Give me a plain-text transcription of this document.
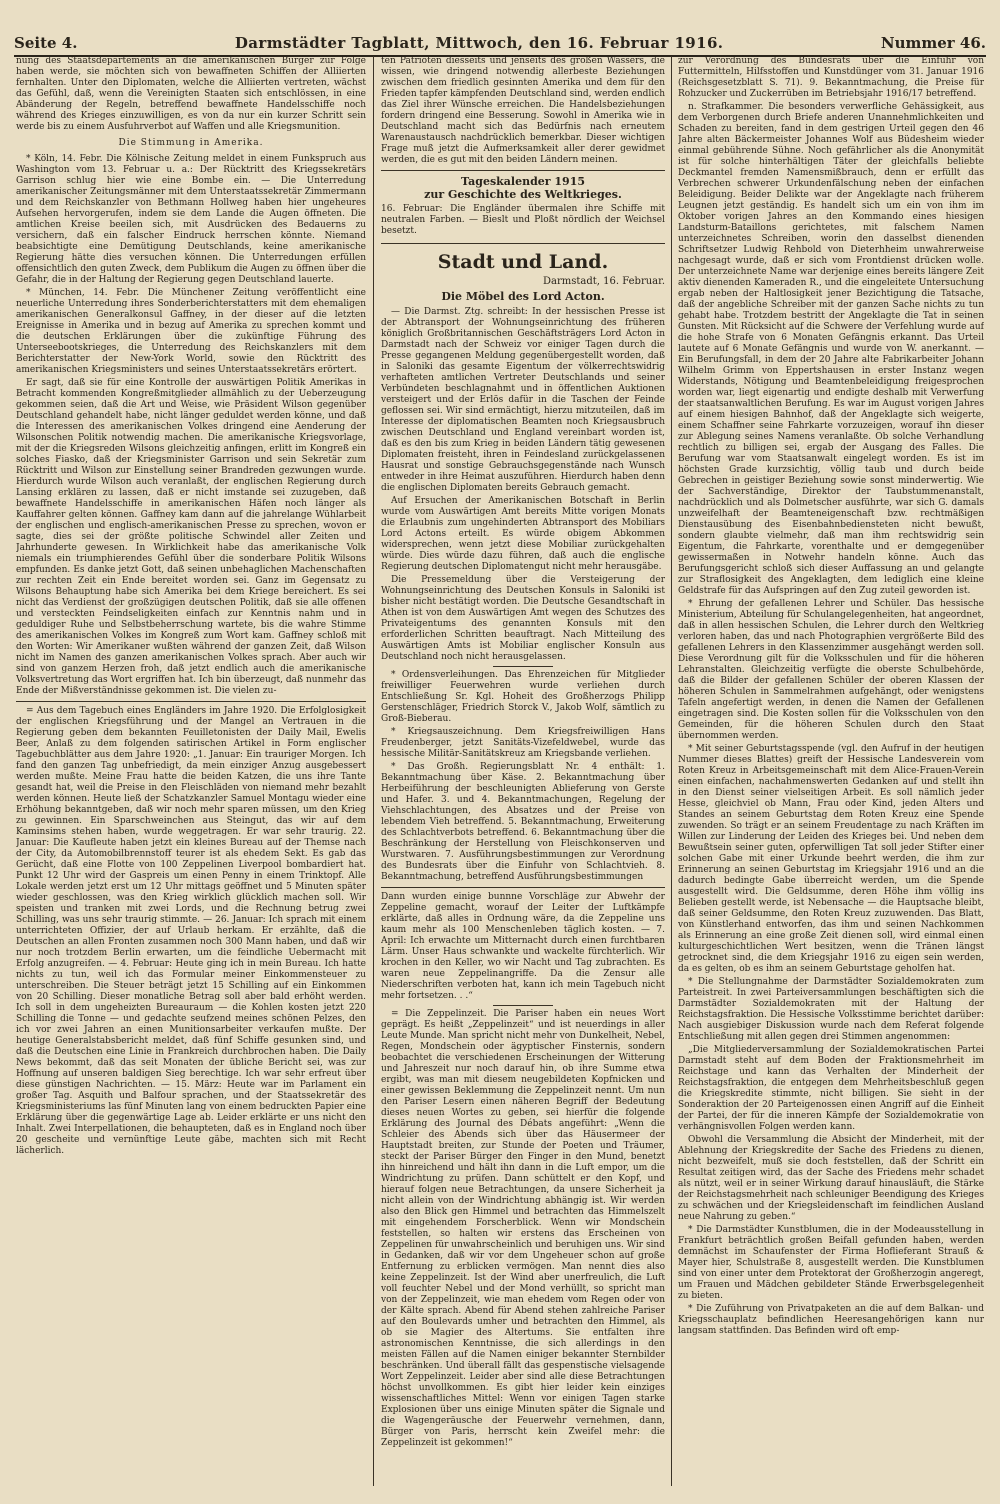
Seite 4.	Darmstädter Tagblatt, Mittwoch, den 16. Februar 1916.	Nummer 46.

nung des Staatsdepartements an die amerikanischen Bürger zur Folge haben werde, sie möchten sich von bewaffneten Schiffen der Alliierten fernhalten. Unter den Diplomaten, welche die Alliierten vertreten, wächst das Gefühl, daß, wenn die Vereinigten Staaten sich entschlössen, in eine Abänderung der Regeln, betreffend bewaffnete Handelsschiffe noch während des Krieges einzuwilligen, es von da nur ein kurzer Schritt sein werde bis zu einem Ausfuhrverbot auf Waffen und alle Kriegsmunition.

Die Stimmung in Amerika.

* Köln, 14. Febr. Die Kölnische Zeitung meldet in einem Funkspruch aus Washington vom 13. Februar u. a.: Der Rücktritt des Kriegssekretärs Garrison schlug hier wie eine Bombe ein. — Die Unterredung amerikanischer Zeitungsmänner mit dem Unterstaatssekretär Zimmermann und dem Reichskanzler von Bethmann Hollweg haben hier ungeheures Aufsehen hervorgerufen, indem sie dem Lande die Augen öffneten. Die amtlichen Kreise beeilen sich, mit Ausdrücken des Bedauerns zu versichern, daß ein falscher Eindruck herrschen könnte. Niemand beabsichtigte eine Demütigung Deutschlands, keine amerikanische Regierung hätte dies versuchen können. Die Unterredungen erfüllen offensichtlich den guten Zweck, dem Publikum die Augen zu öffnen über die Gefahr, die in der Haltung der Regierung gegen Deutschland lauerte.

* München, 14. Febr. Die Münchener Zeitung veröffentlicht eine neuerliche Unterredung ihres Sonderberichterstatters mit dem ehemaligen amerikanischen Generalkonsul Gaffney, in der dieser auf die letzten Ereignisse in Amerika und in bezug auf Amerika zu sprechen kommt und die deutschen Erklärungen über die zukünftige Führung des Unterseebootskrieges, die Unterredung des Reichskanzlers mit dem Berichterstatter der New-York World, sowie den Rücktritt des amerikanischen Kriegsministers und seines Unterstaatssekretärs erörtert.

Er sagt, daß sie für eine Kontrolle der auswärtigen Politik Amerikas in Betracht kommenden Kongreßmitglieder allmählich zu der Ueberzeugung gekommen seien, daß die Art und Weise, wie Präsident Wilson gegenüber Deutschland gehandelt habe, nicht länger geduldet werden könne, und daß die Interessen des amerikanischen Volkes dringend eine Aenderung der Wilsonschen Politik notwendig machen. Die amerikanische Kriegsvorlage, mit der die Kriegsreden Wilsons gleichzeitig anfingen, erlitt im Kongreß ein solches Fiasko, daß der Kriegsminister Garrison und sein Sekretär zum Rücktritt und Wilson zur Einstellung seiner Brandreden gezwungen wurde. Hierdurch wurde Wilson auch veranlaßt, der englischen Regierung durch Lansing erklären zu lassen, daß er nicht imstande sei zuzugeben, daß bewaffnete Handelsschiffe in amerikanischen Häfen noch länger als Kauffahrer gelten können. Gaffney kam dann auf die jahrelange Wühlarbeit der englischen und englisch-amerikanischen Presse zu sprechen, wovon er sagte, dies sei der größte politische Schwindel aller Zeiten und Jahrhunderte gewesen. In Wirklichkeit habe das amerikanische Volk niemals ein triumphierendes Gefühl über die sonderbare Politik Wilsons empfunden. Es danke jetzt Gott, daß seinen unbehaglichen Machenschaften zur rechten Zeit ein Ende bereitet worden sei. Ganz im Gegensatz zu Wilsons Behauptung habe sich Amerika bei dem Kriege bereichert. Es sei nicht das Verdienst der großzügigen deutschen Politik, daß sie alle offenen und versteckten Feindseligkeiten einfach zur Kenntnis nahm und in geduldiger Ruhe und Selbstbeherrschung wartete, bis die wahre Stimme des amerikanischen Volkes im Kongreß zum Wort kam. Gaffney schloß mit den Worten: Wir Amerikaner wußten während der ganzen Zeit, daß Wilson nicht im Namen des ganzen amerikanischen Volkes sprach. Aber auch wir sind von ganzem Herzen froh, daß jetzt endlich auch die amerikanische Volksvertretung das Wort ergriffen hat. Ich bin überzeugt, daß nunmehr das Ende der Mißverständnisse gekommen ist. Die vielen zu-

= Aus dem Tagebuch eines Engländers im Jahre 1920. Die Erfolglosigkeit der englischen Kriegsführung und der Mangel an Vertrauen in die Regierung geben dem bekannten Feuilletonisten der Daily Mail, Ewelis Beer, Anlaß zu dem folgenden satirischen Artikel in Form englischer Tagebuchblätter aus dem Jahre 1920: „1. Januar: Ein trauriger Morgen. Ich fand den ganzen Tag unbefriedigt, da mein einziger Anzug ausgebessert werden mußte. Meine Frau hatte die beiden Katzen, die uns ihre Tante gesandt hat, weil die Preise in den Fleischläden von niemand mehr bezahlt werden können. Heute ließ der Schatzkanzler Samuel Montagu wieder eine Erhöhung bekanntgeben, daß wir noch mehr sparen müssen, um den Krieg zu gewinnen. Ein Sparschweinchen aus Steingut, das wir auf dem Kaminsims stehen haben, wurde weggetragen. Er war sehr traurig. 22. Januar: Die Kaufleute haben jetzt ein kleines Bureau auf der Themse nach der City, da Automobilbrennstoff teurer ist als ehedem Sekt. Es gab das Gerücht, daß eine Flotte von 100 Zeppelinen Liverpool bombardiert hat. Punkt 12 Uhr wird der Gaspreis um einen Penny in einem Trinktopf. Alle Lokale werden jetzt erst um 12 Uhr mittags geöffnet und 5 Minuten später wieder geschlossen, was den Krieg wirklich glücklich machen soll. Wir speisten und tranken mit zwei Lords, und die Rechnung betrug zwei Schilling, was uns sehr traurig stimmte. — 26. Januar: Ich sprach mit einem unterrichteten Offizier, der auf Urlaub herkam. Er erzählte, daß die Deutschen an allen Fronten zusammen noch 300 Mann haben, und daß wir nur noch trotzdem Berlin erwarten, um die feindliche Uebermacht mit Erfolg anzugreifen. — 4. Februar: Heute ging ich in mein Bureau. Ich hatte nichts zu tun, weil ich das Formular meiner Einkommensteuer zu unterschreiben. Die Steuer beträgt jetzt 15 Schilling auf ein Einkommen von 20 Schilling. Dieser monatliche Betrag soll aber bald erhöht werden. Ich soll in dem ungeheizten Bureauraum — die Kohlen kosten jetzt 220 Schilling die Tonne — und gedachte seufzend meines schönen Pelzes, den ich vor zwei Jahren an einen Munitionsarbeiter verkaufen mußte. Der heutige Generalstabsbericht meldet, daß fünf Schiffe gesunken sind, und daß die Deutschen eine Linie in Frankreich durchbrochen haben. Die Daily News bekommt, daß das seit Monaten der übliche Bericht sei, was zur Hoffnung auf unseren baldigen Sieg berechtige. Ich war sehr erfreut über diese günstigen Nachrichten. — 15. März: Heute war im Parlament ein großer Tag. Asquith und Balfour sprachen, und der Staatssekretär des Kriegsministeriums las fünf Minuten lang von einem bedruckten Papier eine Erklärung über die gegenwärtige Lage ab. Leider erklärte er uns nicht den Inhalt. Zwei Interpellationen, die behaupteten, daß es in England noch über 20 gescheite und vernünftige Leute gäbe, machten sich mit Recht lächerlich.

ten Patrioten diesseits und jenseits des großen Wassers, die wissen, wie dringend notwendig allerbeste Beziehungen zwischen dem friedlich gesinnten Amerika und dem für den Frieden tapfer kämpfenden Deutschland sind, werden endlich das Ziel ihrer Wünsche erreichen. Die Handelsbeziehungen fordern dringend eine Besserung. Sowohl in Amerika wie in Deutschland macht sich das Bedürfnis nach erneutem Warenaustausch nachdrücklich bemerkbar. Dieser wichtigen Frage muß jetzt die Aufmerksamkeit aller derer gewidmet werden, die es gut mit den beiden Ländern meinen.

Tageskalender 1915
zur Geschichte des Weltkrieges.

16. Februar: Die Engländer übermalen ihre Schiffe mit neutralen Farben. — Bieslt und Ploßt nördlich der Weichsel besetzt.

Stadt und Land.
Darmstadt, 16. Februar.
Die Möbel des Lord Acton.

— Die Darmst. Ztg. schreibt: In der hessischen Presse ist der Abtransport der Wohnungseinrichtung des früheren königlich Großbritannischen Geschäftsträgers Lord Acton in Darmstadt nach der Schweiz vor einiger Tagen durch die Presse gegangenen Meldung gegenübergestellt worden, daß in Saloniki das gesamte Eigentum der völkerrechtswidrig verhafteten amtlichen Vertreter Deutschlands und seiner Verbündeten beschlagnahmt und in öffentlichen Auktionen versteigert und der Erlös dafür in die Taschen der Feinde geflossen sei. Wir sind ermächtigt, hierzu mitzuteilen, daß im Interesse der diplomatischen Beamten noch Kriegsausbruch zwischen Deutschland und England vereinbart worden ist, daß es den bis zum Krieg in beiden Ländern tätig gewesenen Diplomaten freisteht, ihren in Feindesland zurückgelassenen Hausrat und sonstige Gebrauchsgegenstände nach Wunsch entweder in ihre Heimat auszuführen. Hierdurch haben denn die englischen Diplomaten bereits Gebrauch gemacht.

Auf Ersuchen der Amerikanischen Botschaft in Berlin wurde vom Auswärtigen Amt bereits Mitte vorigen Monats die Erlaubnis zum ungehinderten Abtransport des Mobiliars Lord Actons erteilt. Es würde obigem Abkommen widersprechen, wenn jetzt diese Mobiliar zurückgehalten würde. Dies würde dazu führen, daß auch die englische Regierung deutschen Diplomatengut nicht mehr herausgäbe.

Die Pressemeldung über die Versteigerung der Wohnungseinrichtung des Deutschen Konsuls in Saloniki ist bisher nicht bestätigt worden. Die Deutsche Gesandtschaft in Athen ist von dem Auswärtigen Amt wegen des Schutzes des Privateigentums des genannten Konsuls mit den erforderlichen Schritten beauftragt. Nach Mitteilung des Auswärtigen Amts ist Mobiliar englischer Konsuln aus Deutschland noch nicht herausgelassen.

* Ordensverleihungen. Das Ehrenzeichen für Mitglieder freiwilliger Feuerwehren wurde verliehen durch Entschließung Sr. Kgl. Hoheit des Großherzogs Philipp Gerstenschläger, Friedrich Storck V., Jakob Wolf, sämtlich zu Groß-Bieberau.

* Kriegsauszeichnung. Dem Kriegsfreiwilligen Hans Freudenberger, jetzt Sanitäts-Vizefeldwebel, wurde das hessische Militär-Sanitätskreuz am Kriegsbande verliehen.

* Das Großh. Regierungsblatt Nr. 4 enthält: 1. Bekanntmachung über Käse. 2. Bekanntmachung über Herbeiführung der beschleunigten Ablieferung von Gerste und Hafer. 3. und 4. Bekanntmachungen, Regelung der Viehschlachtungen, des Absatzes und der Preise von lebendem Vieh betreffend. 5. Bekanntmachung, Erweiterung des Schlachtverbots betreffend. 6. Bekanntmachung über die Beschränkung der Herstellung von Fleischkonserven und Wurstwaren. 7. Ausführungsbestimmungen zur Verordnung des Bundesrats über die Einfuhr von Schlachtvieh. 8. Bekanntmachung, betreffend Ausführungsbestimmungen

Dann wurden einige bunnne Vorschläge zur Abwehr der Zeppeline gemacht, worauf der Leiter der Luftkämpfe erklärte, daß alles in Ordnung wäre, da die Zeppeline uns kaum mehr als 100 Menschenleben täglich kosten. — 7. April: Ich erwachte um Mitternacht durch einen furchtbaren Lärm. Unser Haus schwankte und wackelte fürchterlich. Wir krochen in den Keller, wo wir Nacht und Tag zubrachten. Es waren neue Zeppelinangriffe. Da die Zensur alle Niederschriften verboten hat, kann ich mein Tagebuch nicht mehr fortsetzen. . .“

= Die Zeppelinzeit. Die Pariser haben ein neues Wort geprägt. Es heißt „Zeppelinzeit“ und ist neuerdings in aller Leute Munde. Man spricht nicht mehr von Dunkelheit, Nebel, Regen, Mondschein oder ägyptischer Finsternis, sondern beobachtet die verschiedenen Erscheinungen der Witterung und Jahreszeit nur noch darauf hin, ob ihre Summe etwa ergibt, was man mit diesem neugebildeten Kopfnicken und einer gewissen Beklemmung die Zeppelinzeit nennt. Um nun den Pariser Lesern einen näheren Begriff der Bedeutung dieses neuen Wortes zu geben, sei hierfür die folgende Erklärung des Journal des Débats angeführt: „Wenn die Schleier des Abends sich über das Häusermeer der Hauptstadt breiten, zur Stunde der Poeten und Träumer, steckt der Pariser Bürger den Finger in den Mund, benetzt ihn hinreichend und hält ihn dann in die Luft empor, um die Windrichtung zu prüfen. Dann schüttelt er den Kopf, und hierauf folgen neue Betrachtungen, da unsere Sicherheit ja nicht allein von der Windrichtung abhängig ist. Wir werden also den Blick gen Himmel und betrachten das Himmelszelt mit eingehendem Forscherblick. Wenn wir Mondschein feststellen, so halten wir erstens das Erscheinen von Zeppelinen für unwahrscheinlich und beruhigen uns. Wir sind in Gedanken, daß wir vor dem Ungeheuer schon auf große Entfernung zu erblicken vermögen. Man nennt dies also keine Zeppelinzeit. Ist der Wind aber unerfreulich, die Luft voll feuchter Nebel und der Mond verhüllt, so spricht man von der Zeppelinzeit, wie man ehedem vom Regen oder von der Kälte sprach. Abend für Abend stehen zahlreiche Pariser auf den Boulevards umher und betrachten den Himmel, als ob sie Magier des Altertums. Sie entfalten ihre astronomischen Kenntnisse, die sich allerdings in den meisten Fällen auf die Namen einiger bekannter Sternbilder beschränken. Und überall fällt das gespenstische vielsagende Wort Zeppelinzeit. Leider aber sind alle diese Betrachtungen höchst unvollkommen. Es gibt hier leider kein einziges wissenschaftliches Mittel: Wenn vor einigen Tagen starke Explosionen über uns einige Minuten später die Signale und die Wagengeräusche der Feuerwehr vernehmen, dann, Bürger von Paris, herrscht kein Zweifel mehr: die Zeppelinzeit ist gekommen!“

zur Verordnung des Bundesrats über die Einfuhr von Futtermitteln, Hilfsstoffen und Kunstdünger vom 31. Januar 1916 (Reichsgesetzblatt S. 71). 9. Bekanntmachung, die Preise für Rohzucker und Zuckerrüben im Betriebsjahr 1916/17 betreffend.

n. Strafkammer. Die besonders verwerfliche Gehässigkeit, aus dem Verborgenen durch Briefe anderen Unannehmlichkeiten und Schaden zu bereiten, fand in dem gestrigen Urteil gegen den 46 Jahre alten Bäckermeister Johannes Wolf aus Büdesheim wieder einmal gebührende Sühne. Noch gefährlicher als die Anonymität ist für solche hinterhältigen Täter der gleichfalls beliebte Deckmantel fremden Namensmißbrauch, denn er erfüllt das Verbrechen schwerer Urkundenfälschung neben der einfachen Beleidigung. Beider Delikte war der Angeklagte nach früherem Leugnen jetzt geständig. Es handelt sich um ein von ihm im Oktober vorigen Jahres an den Kommando eines hiesigen Landsturm-Bataillons gerichtetes, mit falschem Namen unterzeichnetes Schreiben, worin den dasselbst dienenden Schriftsetzer Ludwig Rehbold von Dieterhheim unwahrerweise nachgesagt wurde, daß er sich vom Frontdienst drücken wolle. Der unterzeichnete Name war derjenige eines bereits längere Zeit aktiv dienenden Kameraden R., und die eingeleitete Untersuchung ergab neben der Haltlosigkeit jener Bezichtigung die Tatsache, daß der angebliche Schreiber mit der ganzen Sache nichts zu tun gehabt habe. Trotzdem bestritt der Angeklagte die Tat in seinen Gunsten. Mit Rücksicht auf die Schwere der Verfehlung wurde auf die hohe Strafe von 6 Monaten Gefängnis erkannt. Das Urteil lautete auf 6 Monate Gefängnis und wurde von W. anerkannt. — Ein Berufungsfall, in dem der 20 Jahre alte Fabrikarbeiter Johann Wilhelm Grimm von Eppertshausen in erster Instanz wegen Widerstands, Nötigung und Beamtenbeleidigung freigesprochen worden war, liegt eigenartig und endigte deshalb mit Verwerfung der staatsanwaltlichen Berufung. Es war im August vorigen Jahres auf einem hiesigen Bahnhof, daß der Angeklagte sich weigerte, einem Schaffner seine Fahrkarte vorzuzeigen, worauf ihn dieser zur Ablegung seines Namens veranlaßte. Ob solche Verhandlung rechtlich zu billigen sei, ergab der Ausgang des Falles. Die Berufung war vom Staatsanwalt eingelegt worden. Es ist im höchsten Grade kurzsichtig, völlig taub und durch beide Gebrechen in geistiger Beziehung sowie sonst minderwertig. Wie der Sachverständige, Direktor der Taubstummenanstalt, nachdrücklich und als Dolmetscher ausführte, war sich G. damals unzweifelhaft der Beamteneigenschaft bzw. rechtmäßigen Dienstausübung des Eisenbahnbediensteten nicht bewußt, sondern glaubte vielmehr, daß man ihm rechtswidrig sein Eigentum, die Fahrkarte, vorenthalte und er demgegenüber gewissermaßen in Notwehr handeln könne. Auch das Berufungsgericht schloß sich dieser Auffassung an und gelangte zur Straflosigkeit des Angeklagten, dem lediglich eine kleine Geldstrafe für das Aufspringen auf den Zug zuteil geworden ist.

* Ehrung der gefallenen Lehrer und Schüler. Das hessische Ministerium, Abteilung für Schulangelegenheiten, hat angeordnet, daß in allen hessischen Schulen, die Lehrer durch den Weltkrieg verloren haben, das und nach Photographien vergrößerte Bild des gefallenen Lehrers in den Klassenzimmer ausgehängt werden soll. Diese Verordnung gilt für die Volksschulen und für die höheren Lehranstalten. Gleichzeitig verfügte die oberste Schulbehörde, daß die Bilder der gefallenen Schüler der oberen Klassen der höheren Schulen in Sammelrahmen aufgehängt, oder wenigstens Tafeln angefertigt werden, in denen die Namen der Gefallenen eingetragen sind. Die Kosten sollen für die Volksschulen von den Gemeinden, für die höheren Schulen durch den Staat übernommen werden.

* Mit seiner Geburtstagsspende (vgl. den Aufruf in der heutigen Nummer dieses Blattes) greift der Hessische Landesverein vom Roten Kreuz in Arbeitsgemeinschaft mit dem Alice-Frauen-Verein einen einfachen, nachahmenswerten Gedanken auf und stellt ihn in den Dienst seiner vielseitigen Arbeit. Es soll nämlich jeder Hesse, gleichviel ob Mann, Frau oder Kind, jeden Alters und Standes an seinem Geburtstag dem Roten Kreuz eine Spende zuwenden. So trägt er an seinem Freudentage zu nach Kräften im Willen zur Linderung der Leiden des Krieges bei. Und neben dem Bewußtsein seiner guten, opferwilligen Tat soll jeder Stifter einer solchen Gabe mit einer Urkunde beehrt werden, die ihm zur Erinnerung an seinen Geburtstag im Kriegsjahr 1916 und an die dadurch bedingte Gabe überreicht werden, um die Spende ausgestellt wird. Die Geldsumme, deren Höhe ihm völlig ins Belieben gestellt werde, ist Nebensache — die Hauptsache bleibt, daß seiner Geldsumme, den Roten Kreuz zuzuwenden. Das Blatt, von Künstlerhand entworfen, das ihm und seinen Nachkommen als Erinnerung an eine große Zeit dienen soll, wird einmal einen kulturgeschichtlichen Wert besitzen, wenn die Tränen längst getrocknet sind, die dem Kriegsjahr 1916 zu eigen sein werden, da es gelten, ob es ihm an seinem Geburtstage geholfen hat.

* Die Stellungnahme der Darmstädter Sozialdemokraten zum Parteistreit. In zwei Parteiversammlungen beschäftigten sich die Darmstädter Sozialdemokraten mit der Haltung der Reichstagsfraktion. Die Hessische Volksstimme berichtet darüber: Nach ausgiebiger Diskussion wurde nach dem Referat folgende Entschließung mit allen gegen drei Stimmen angenommen:

„Die Mitgliederversammlung der Sozialdemokratischen Partei Darmstadt steht auf dem Boden der Fraktionsmehrheit im Reichstage und kann das Verhalten der Minderheit der Reichstagsfraktion, die entgegen dem Mehrheitsbeschluß gegen die Kriegskredite stimmte, nicht billigen. Sie sieht in der Sonderaktion der 20 Parteigenossen einen Angriff auf die Einheit der Partei, der für die inneren Kämpfe der Sozialdemokratie von verhängnisvollen Folgen werden kann.

Obwohl die Versammlung die Absicht der Minderheit, mit der Ablehnung der Kriegskredite der Sache des Friedens zu dienen, nicht bezweifelt, muß sie doch feststellen, daß der Schritt ein Resultat zeitigen wird, das der Sache des Friedens mehr schadet als nützt, weil er in seiner Wirkung darauf hinausläuft, die Stärke der Reichstagsmehrheit nach schleuniger Beendigung des Krieges zu schwächen und der Kriegsleidenschaft im feindlichen Ausland neue Nahrung zu geben.“

* Die Darmstädter Kunstblumen, die in der Modeausstellung in Frankfurt beträchtlich großen Beifall gefunden haben, werden demnächst im Schaufenster der Firma Hoflieferant Strauß & Mayer hier, Schulstraße 8, ausgestellt werden. Die Kunstblumen sind von einer unter dem Protektorat der Großherzogin angeregt, um Frauen und Mädchen gebildeter Stände Erwerbsgelegenheit zu bieten.

* Die Zuführung von Privatpaketen an die auf dem Balkan- und Kriegsschauplatz befindlichen Heeresangehörigen kann nur langsam stattfinden. Das Befinden wird oft emp-
